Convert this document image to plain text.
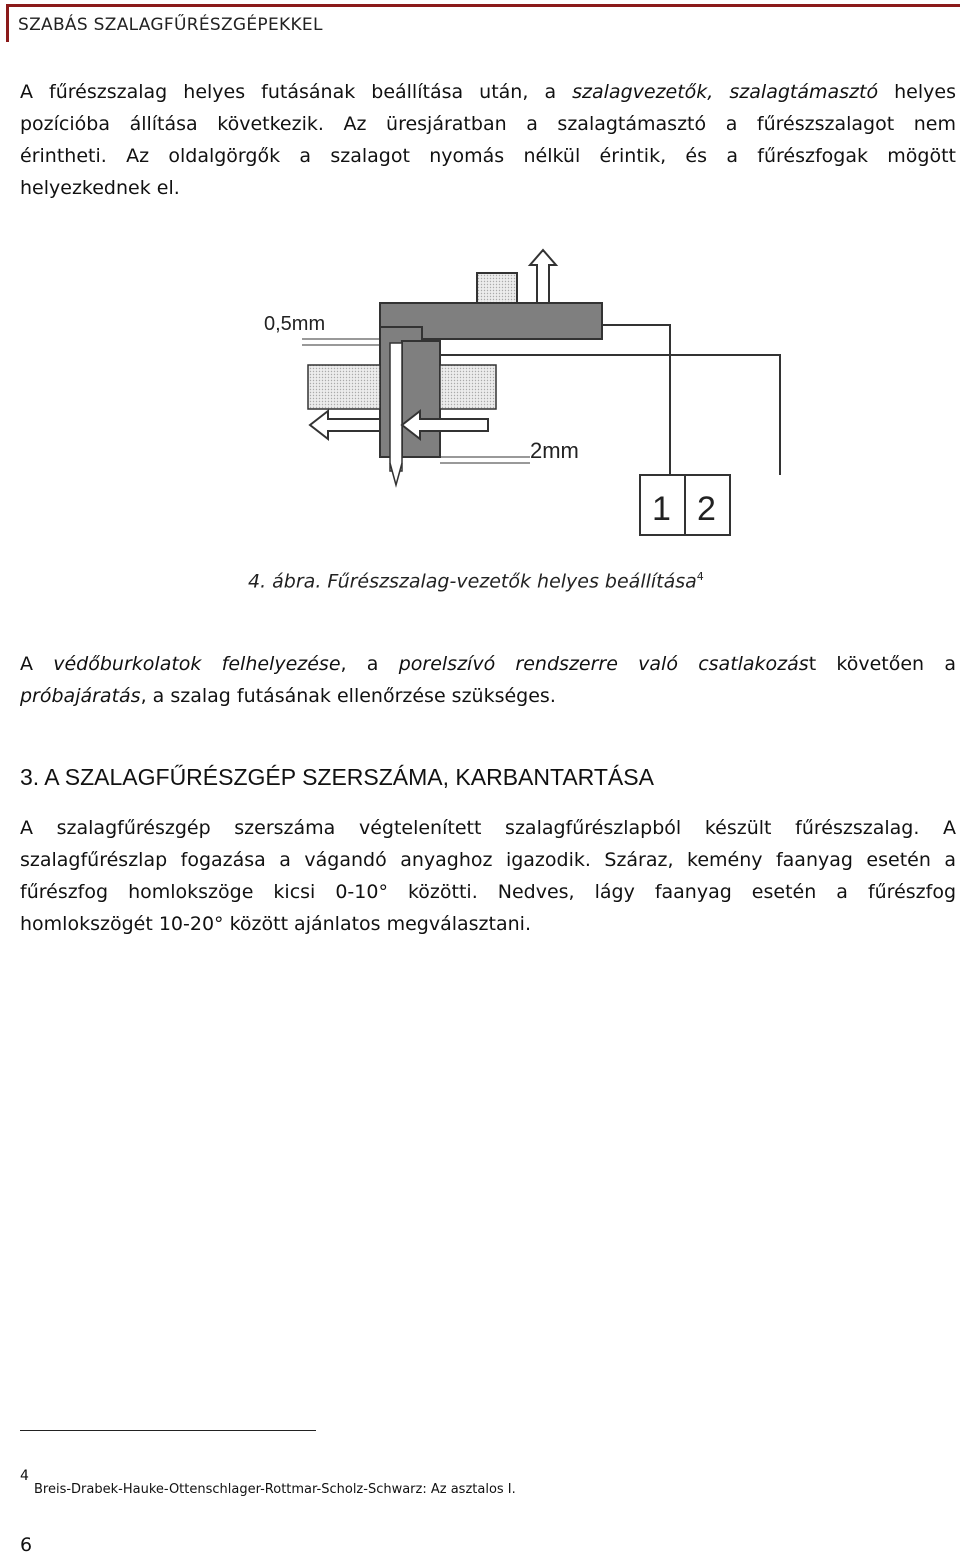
SZABÁS SZALAGFŰRÉSZGÉPEKKEL
A fűrészszalag helyes futásának beállítása után, a szalagvezetők, szalagtámasztó helyes
pozícióba állítása következik. Az üresjáratban a szalagtámasztó a fűrészszalagot nem
érintheti. Az oldalgörgők a szalagot nyomás nélkül érintik, és a fűrészfogak mögött
helyezkednek el.
0,5mm
2mm
1 2
4. ábra. Fűrészszalag-vezetők helyes beállítása$^4$
A védőburkolatok felhelyezése, a porelszívó rendszerre való csatlakozást követően a
próbajáratás, a szalag futásának ellenőrzése szükséges.
3. A SZALAGFŰRÉSZGÉP SZERSZÁMA, KARBANTARTÁSA
A szalagfűrészgép szerszáma végtelenített szalagfűrészlapból készült fűrészszalag. A
szalagfűrészlap fogazása a vágandó anyaghoz igazodik. Száraz, kemény faanyag esetén a
fűrészfog homlokszöge kicsi 0-10° közötti. Nedves, lágy faanyag esetén a fűrészfog
homlokszögét 10-20° között ajánlatos megválasztani.
4
Breis-Drabek-Hauke-Ottenschlager-Rottmar-Scholz-Schwarz: Az asztalos I.
6
